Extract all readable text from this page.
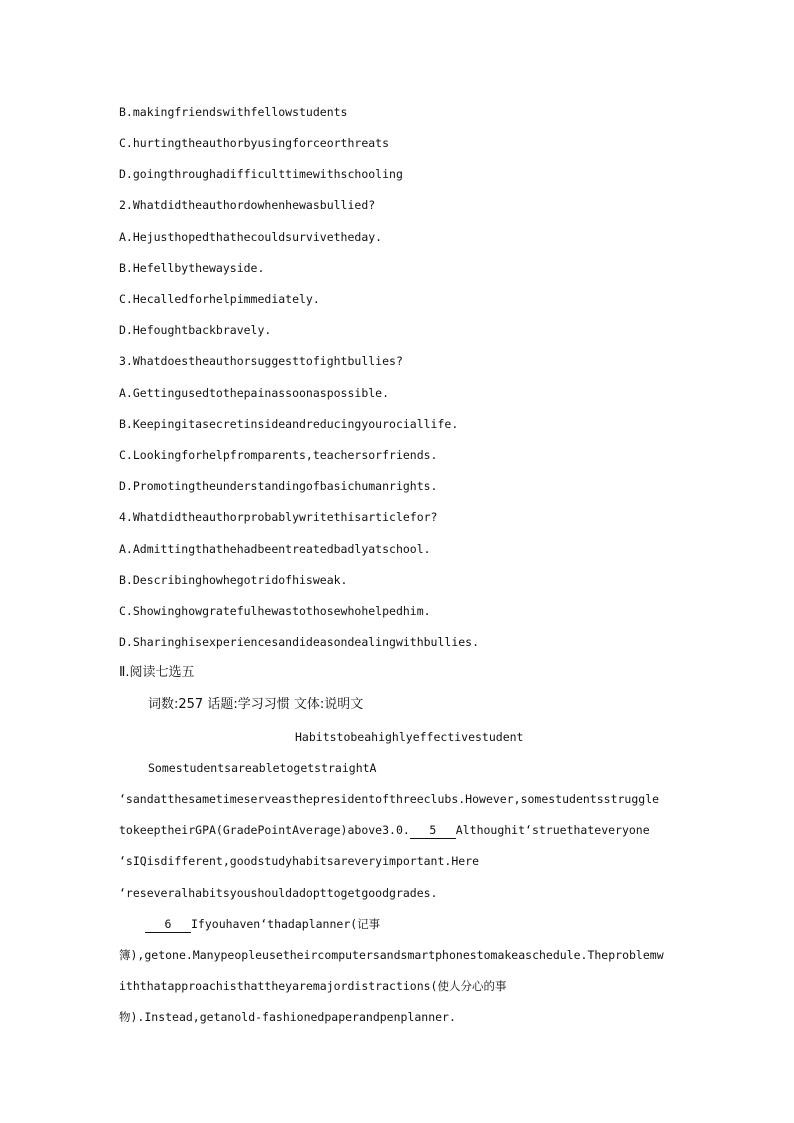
B.makingfriendswithfellowstudents
C.hurtingtheauthorbyusingforceorthreats
D.goingthroughadifficulttimewithschooling
2.Whatdidtheauthordowhenhewasbullied?
A.Hejusthopedthathecouldsurvivetheday.
B.Hefellbythewayside.
C.Hecalledforhelpimmediately.
D.Hefoughtbackbravely.
3.Whatdoestheauthorsuggesttofightbullies?
A.Gettingusedtothepainassoonaspossible.
B.Keepingitasecretinsideandreducingyourociallife.
C.Lookingforhelpfromparents,teachersorfriends.
D.Promotingtheunderstandingofbasichumanrights.
4.Whatdidtheauthorprobablywritethisarticlefor?
A.Admittingthathehadbeentreatedbadlyatschool.
B.Describinghowhegotridofhisweak.
C.Showinghowgratefulhewastothosewhohelpedhim.
D.Sharinghisexperiencesandideasondealingwithbullies.
Ⅱ.阅读七选五
词数:257 话题:学习习惯 文体:说明文
Habitstobeahighlyeffectivestudent
SomestudentsareabletogetstraightA
‘sandatthesametimeserveasthepresidentofthreeclubs.However,somestudentsstruggle
tokeeptheirGPA(GradePointAverage)above3.0. 5 Althoughit‘struethateveryone
‘sIQisdifferent,goodstudyhabitsareveryimportant.Here
‘reseveralhabitsyoushouldadopttogetgoodgrades.
6 Ifyouhaven‘thadaplanner(记事
簿),getone.Manypeopleusetheircomputersandsmartphonestomakeaschedule.Theproblemw
iththatapproachisthattheyaremajordistractions(使人分心的事
物).Instead,getanold-fashionedpaperandpenplanner.
